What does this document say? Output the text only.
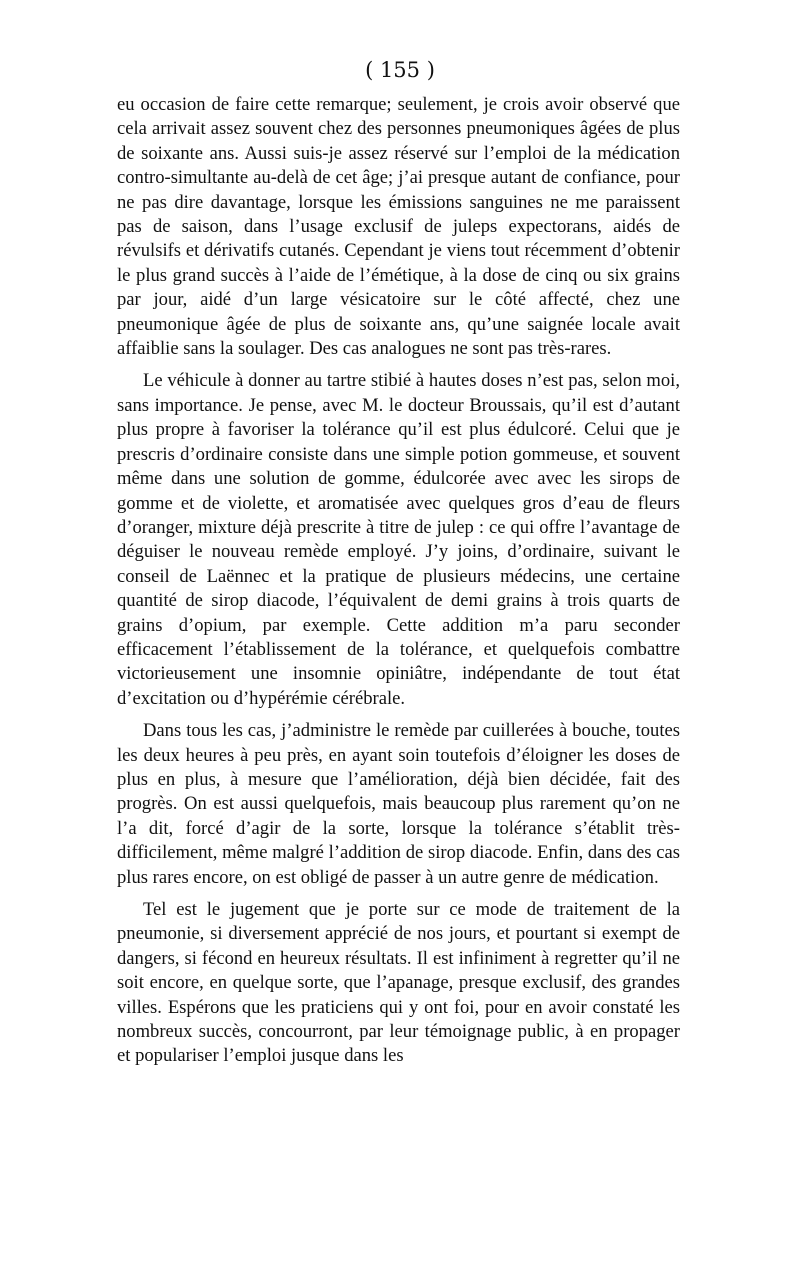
( 155 )

eu occasion de faire cette remarque; seulement, je crois avoir observé que cela arrivait assez souvent chez des personnes pneumoniques âgées de plus de soixante ans. Aussi suis-je assez réservé sur l’emploi de la médication contro-simultante au-delà de cet âge; j’ai presque autant de confiance, pour ne pas dire davantage, lorsque les émissions sanguines ne me paraissent pas de saison, dans l’usage exclusif de juleps expectorans, aidés de révulsifs et dérivatifs cutanés. Cependant je viens tout récemment d’obtenir le plus grand succès à l’aide de l’émétique, à la dose de cinq ou six grains par jour, aidé d’un large vésicatoire sur le côté affecté, chez une pneumonique âgée de plus de soixante ans, qu’une saignée locale avait affaiblie sans la soulager. Des cas analogues ne sont pas très-rares.

Le véhicule à donner au tartre stibié à hautes doses n’est pas, selon moi, sans importance. Je pense, avec M. le docteur Broussais, qu’il est d’autant plus propre à favoriser la tolérance qu’il est plus édulcoré. Celui que je prescris d’ordinaire consiste dans une simple potion gommeuse, et souvent même dans une solution de gomme, édulcorée avec avec les sirops de gomme et de violette, et aromatisée avec quelques gros d’eau de fleurs d’oranger, mixture déjà prescrite à titre de julep : ce qui offre l’avantage de déguiser le nouveau remède employé. J’y joins, d’ordinaire, suivant le conseil de Laënnec et la pratique de plusieurs médecins, une certaine quantité de sirop diacode, l’équivalent de demi grains à trois quarts de grains d’opium, par exemple. Cette addition m’a paru seconder efficacement l’établissement de la tolérance, et quelquefois combattre victorieusement une insomnie opiniâtre, indépendante de tout état d’excitation ou d’hypérémie cérébrale.

Dans tous les cas, j’administre le remède par cuillerées à bouche, toutes les deux heures à peu près, en ayant soin toutefois d’éloigner les doses de plus en plus, à mesure que l’amélioration, déjà bien décidée, fait des progrès. On est aussi quelquefois, mais beaucoup plus rarement qu’on ne l’a dit, forcé d’agir de la sorte, lorsque la tolérance s’établit très-difficilement, même malgré l’addition de sirop diacode. Enfin, dans des cas plus rares encore, on est obligé de passer à un autre genre de médication.

Tel est le jugement que je porte sur ce mode de traitement de la pneumonie, si diversement apprécié de nos jours, et pourtant si exempt de dangers, si fécond en heureux résultats. Il est infiniment à regretter qu’il ne soit encore, en quelque sorte, que l’apanage, presque exclusif, des grandes villes. Espérons que les praticiens qui y ont foi, pour en avoir constaté les nombreux succès, concourront, par leur témoignage public, à en propager et populariser l’emploi jusque dans les
